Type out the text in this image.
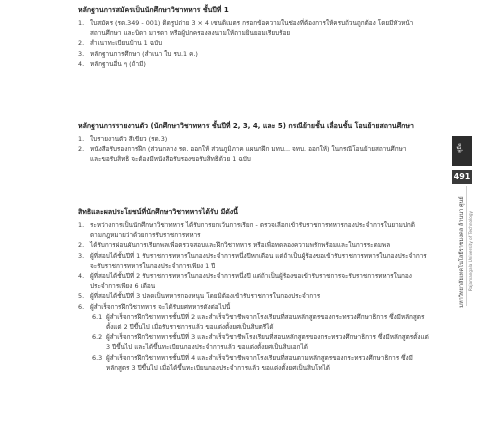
หลักฐานการสมัครเป็นนักศึกษาวิชาทหาร ชั้นปีที่ 1
1. ใบสมัคร (รด.349 - 001) ติดรูปถ่าย 3 × 4 เซนติเมตร กรอกข้อความในช่องที่ต้องการให้ครบถ้วนถูกต้อง โดยมีหัวหน้า
สถานศึกษา และบิดา มารดา หรือผู้ปกครองลงนามให้ถามยินยอมเรียบร้อย
2. สำเนาทะเบียนบ้าน 1 ฉบับ
3. หลักฐานการศึกษา (สำเนา ใบ รบ.1 ค.)
4. หลักฐานอื่น ๆ (ถ้ามี)
หลักฐานการรายงานตัว (นักศึกษาวิชาทหาร ชั้นปีที่ 2, 3, 4, และ 5) กรณีย้ายชั้น เลื่อนชั้น โอนย้ายสถานศึกษา
1. ใบรายงานตัว สีเขียว (รด.3)
2. หนังสือรับรองการฝึก (ส่วนกลาง รด. ออกให้ ส่วนภูมิภาค แผนกฝึก มทบ... จทบ. ออกให้) ในกรณีโอนย้ายสถานศึกษา
และขอรับสิทธิ จะต้องมีหนังสือรับรองขอรับสิทธิด้วย 1 ฉบับ
สิทธิและผลประโยชน์ที่นักศึกษาวิชาทหารได้รับ มีดังนี้
1. ระหว่างการเป็นนักศึกษาวิชาทหาร ได้รับการยกเว้นการเรียก - ตรวจเลือกเข้ารับราชการทหารกองประจำการในยามปกติ
ตามกฎหมายว่าด้วยการรับราชการทหาร
2. ได้รับการผ่อนผันการเรียกพลเพื่อตรวจสอบและฝึกวิชาทหาร หรือเพื่อทดลองความพรักพร้อมและในการระดมพล
3. ผู้ที่สอบได้ชั้นปีที่ 1 รับราชการทหารในกองประจำการหนึ่งปีหกเดือน แต่ถ้าเป็นผู้ร้องขอเข้ารับราชการทหารในกองประจำการ
จะรับราชการทหารในกองประจำการเพียง 1 ปี
4. ผู้ที่สอบได้ชั้นปีที่ 2 รับราชการทหารในกองประจำการหนึ่งปี แต่ถ้าเป็นผู้ร้องขอเข้ารับราชการจะรับราชการทหารในกอง
ประจำการเพียง 6 เดือน
5. ผู้ที่สอบได้ชั้นปีที่ 3 ปลดเป็นทหารกองหนุน โดยมิต้องเข้ารับราชการในกองประจำการ
6. ผู้สำเร็จการฝึกวิชาทหาร จะได้รับยศทหารดังต่อไปนี้
6.1 ผู้สำเร็จการฝึกวิชาทหารชั้นปีที่ 2 และสำเร็จวิชาชีพจากโรงเรียนที่สอนหลักสูตรของกระทรวงศึกษาธิการ ซึ่งมีหลักสูตร
ตั้งแต่ 2 ปีขึ้นไป เมื่อรับราชการแล้ว ขอแต่งตั้งยศเป็นสิบตรีได้
6.2 ผู้สำเร็จการฝึกวิชาทหารชั้นปีที่ 3 และสำเร็จวิชาชีพโรงเรียนที่สอนหลักสูตรของกระทรวงศึกษาธิการ ซึ่งมีหลักสูตรตั้งแต่
3 ปีขึ้นไป และได้ขึ้นทะเบียนกองประจำการแล้ว ขอแต่งตั้งยศเป็นสิบเอกได้
6.3 ผู้สำเร็จการฝึกวิชาทหารชั้นปีที่ 4 และสำเร็จวิชาชีพจากโรงเรียนที่สอนตามหลักสูตรของกระทรวงศึกษาธิการ ซึ่งมี
หลักสูตร 3 ปีขึ้นไป เมื่อได้ขึ้นทะเบียนกองประจำการแล้ว ขอแต่งตั้งยศเป็นสิบโทได้
คู่มือ
491
มหาวิทยาลัยเทคโนโลยีราชมงคล ล้านนา ศูนย์ Rajamangala University of Technology
